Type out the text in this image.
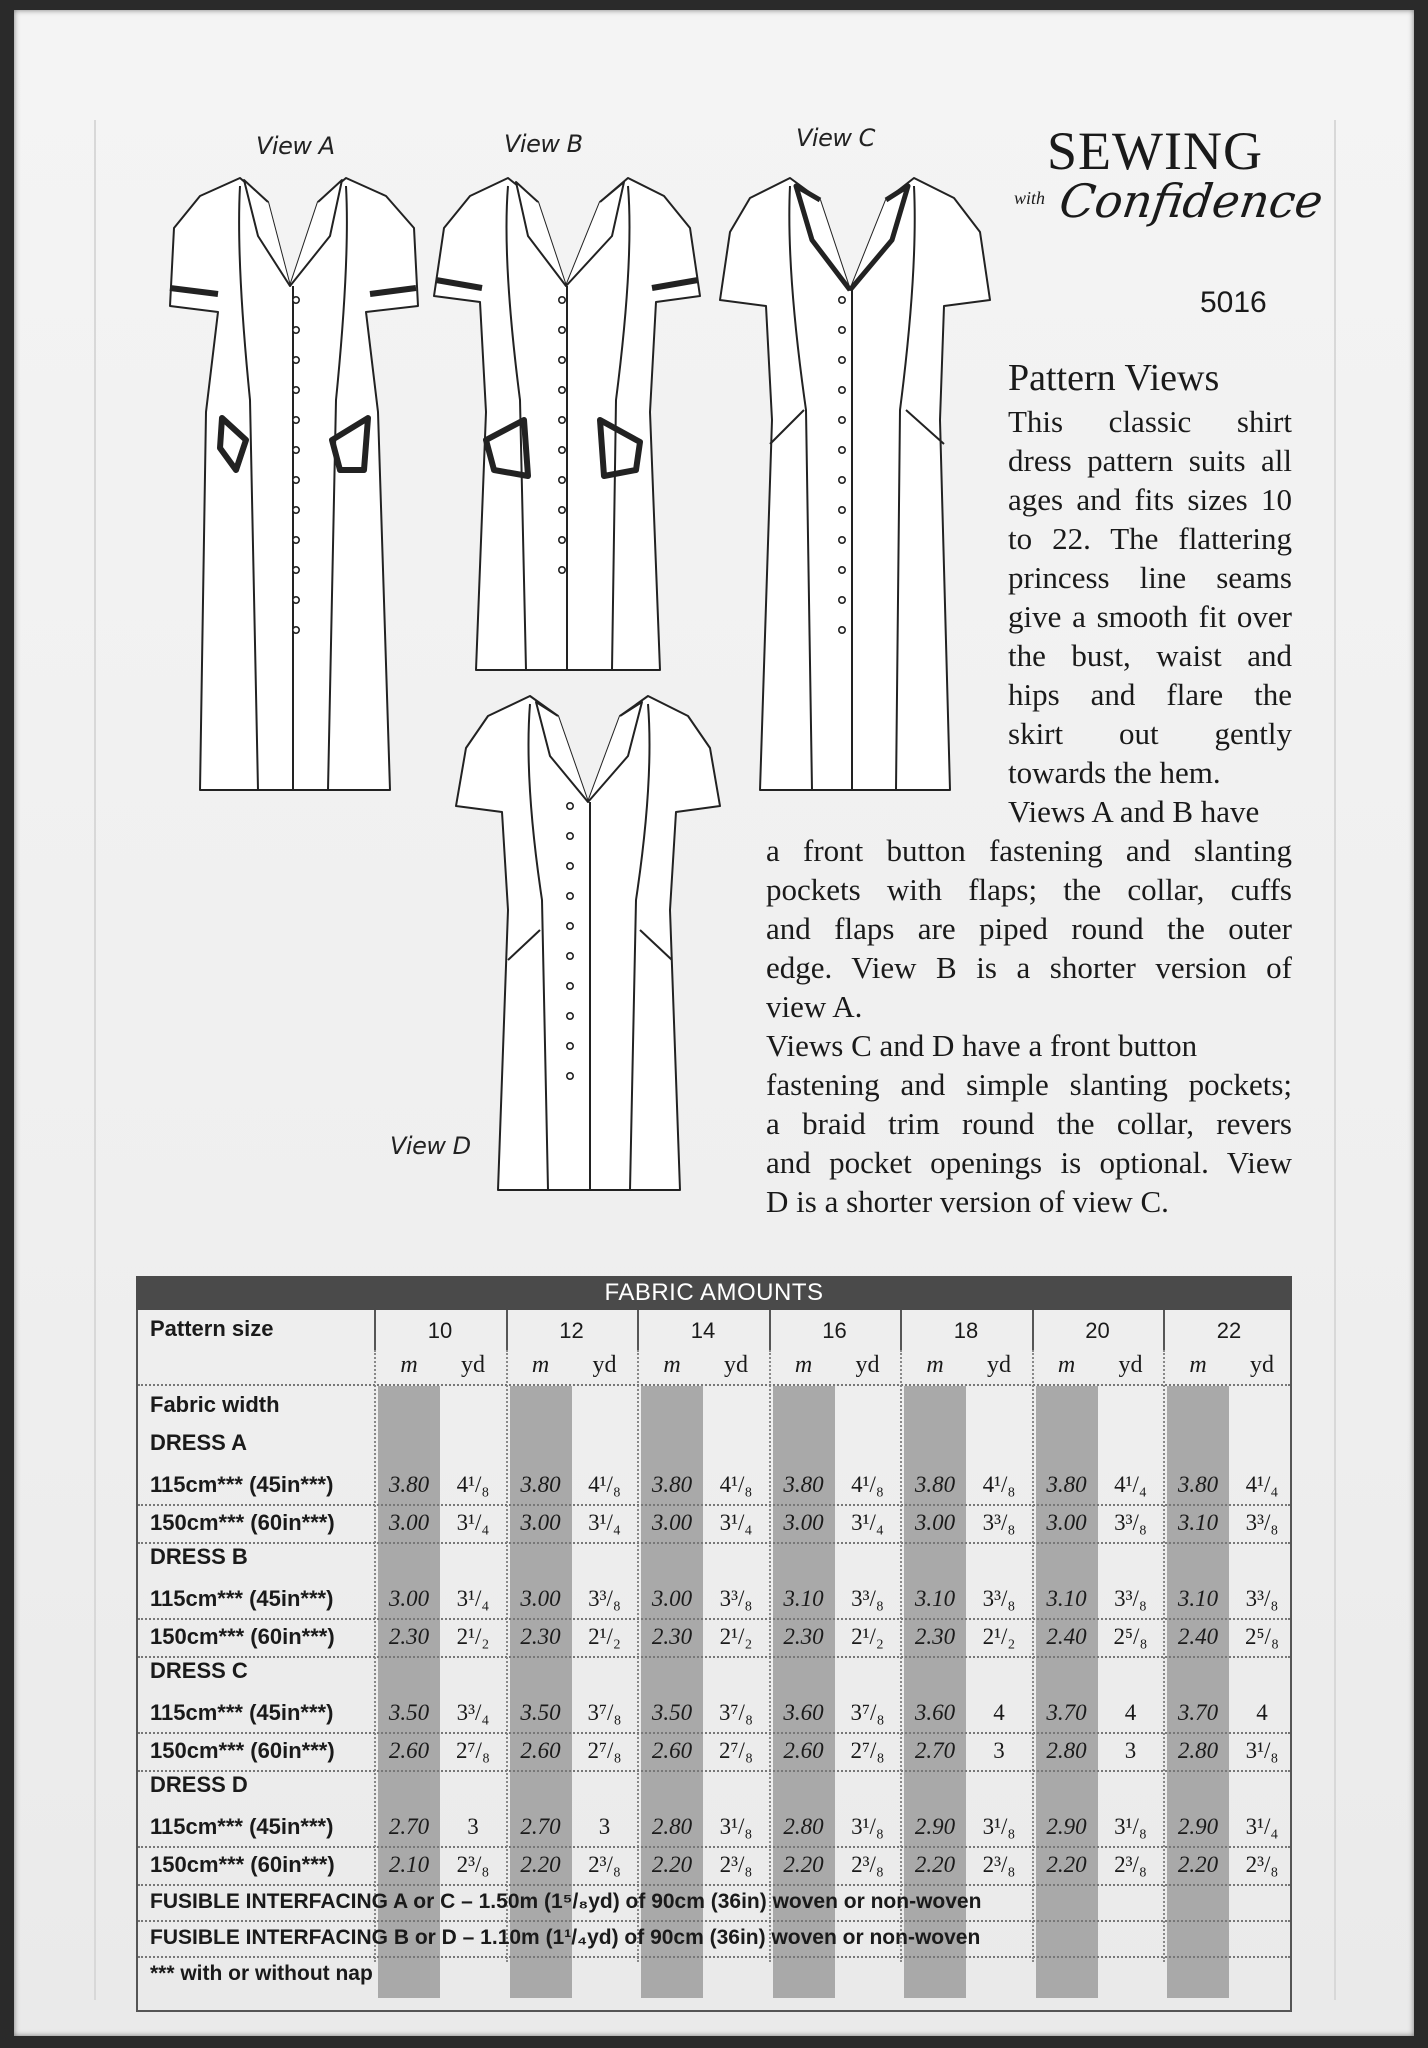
View A	View B	View C
View D
SEWING
with Confidence
5016
Pattern Views
This classic shirt
dress pattern suits all
ages and fits sizes 10
to 22. The flattering
princess line seams
give a smooth fit over
the bust, waist and
hips and flare the
skirt out gently
towards the hem.
Views A and B have
a front button fastening and slanting
pockets with flaps; the collar, cuffs
and flaps are piped round the outer
edge. View B is a shorter version of
view A.
Views C and D have a front button
fastening and simple slanting pockets;
a braid trim round the collar, revers
and pocket openings is optional. View
D is a shorter version of view C.
FABRIC AMOUNTS
Pattern size	10	12	14	16	18	20	22
m	yd	m	yd	m	yd	m	yd	m	yd	m	yd	m	yd
Fabric width
DRESS A
115cm*** (45in***)	3.80	4¹/₈	3.80	4¹/₈	3.80	4¹/₈	3.80	4¹/₈	3.80	4¹/₈	3.80	4¹/₄	3.80	4¹/₄
150cm*** (60in***)	3.00	3¹/₄	3.00	3¹/₄	3.00	3¹/₄	3.00	3¹/₄	3.00	3³/₈	3.00	3³/₈	3.10	3³/₈
DRESS B
115cm*** (45in***)	3.00	3¹/₄	3.00	3³/₈	3.00	3³/₈	3.10	3³/₈	3.10	3³/₈	3.10	3³/₈	3.10	3³/₈
150cm*** (60in***)	2.30	2¹/₂	2.30	2¹/₂	2.30	2¹/₂	2.30	2¹/₂	2.30	2¹/₂	2.40	2⁵/₈	2.40	2⁵/₈
DRESS C
115cm*** (45in***)	3.50	3³/₄	3.50	3⁷/₈	3.50	3⁷/₈	3.60	3⁷/₈	3.60	4	3.70	4	3.70	4
150cm*** (60in***)	2.60	2⁷/₈	2.60	2⁷/₈	2.60	2⁷/₈	2.60	2⁷/₈	2.70	3	2.80	3	2.80	3¹/₈
DRESS D
115cm*** (45in***)	2.70	3	2.70	3	2.80	3¹/₈	2.80	3¹/₈	2.90	3¹/₈	2.90	3¹/₈	2.90	3¹/₄
150cm*** (60in***)	2.10	2³/₈	2.20	2³/₈	2.20	2³/₈	2.20	2³/₈	2.20	2³/₈	2.20	2³/₈	2.20	2³/₈
FUSIBLE INTERFACING A or C – 1.50m (1⁵/₈yd) of 90cm (36in) woven or non-woven
FUSIBLE INTERFACING B or D – 1.10m (1¹/₄yd) of 90cm (36in) woven or non-woven
*** with or without nap
